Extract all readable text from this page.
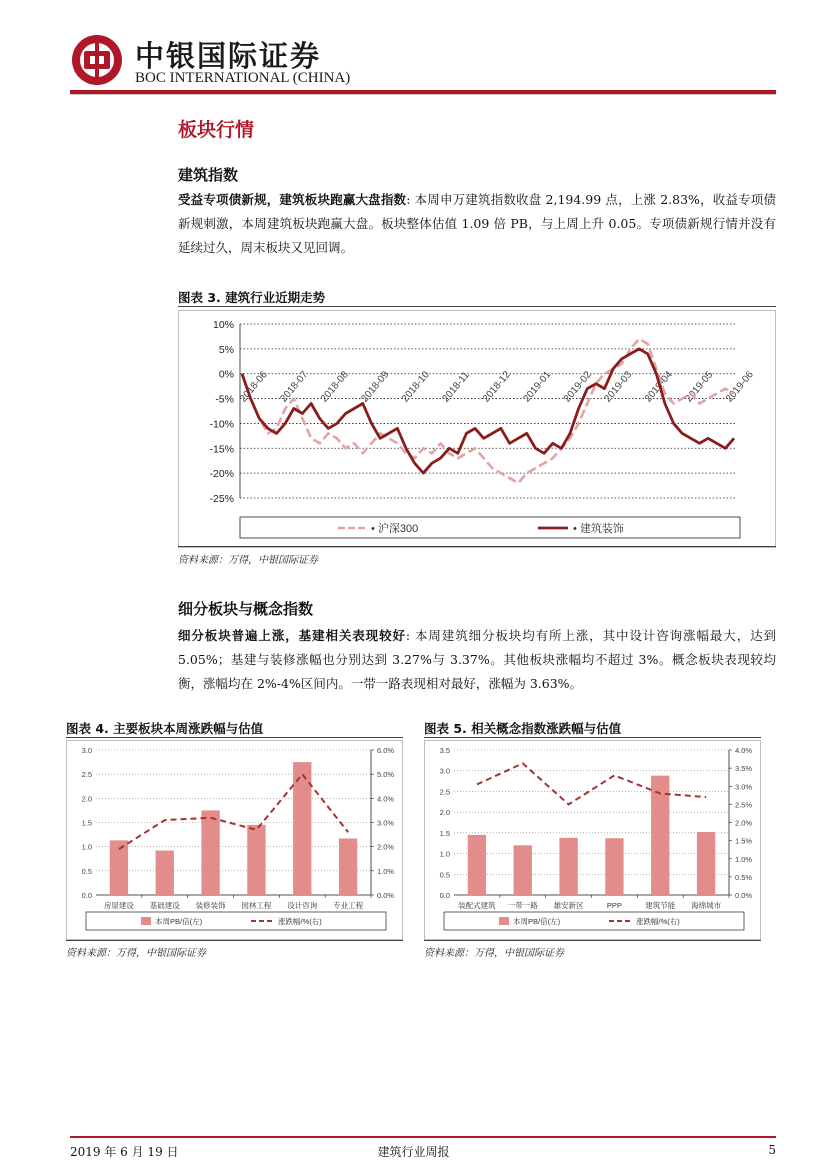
中银国际证券
BOC INTERNATIONAL (CHINA)
板块行情
建筑指数
受益专项债新规，建筑板块跑赢大盘指数: 本周申万建筑指数收盘 2,194.99 点，上涨 2.83%，收益专项债新规刺激，本周建筑板块跑赢大盘。板块整体估值 1.09 倍 PB，与上周上升 0.05。专项债新规行情并没有延续过久，周末板块又见回调。
图表 3. 建筑行业近期走势
10%
5%
0%
-5%
-10%
-15%
-20%
-25%
2018-06 2018-07 2018-08 2018-09 2018-10 2018-11 2018-12 2019-01 2019-02 2019-03 2019-04 2019-05 2019-06
• 沪深300	• 建筑装饰
资料来源：万得，中银国际证券
细分板块与概念指数
细分板块普遍上涨，基建相关表现较好: 本周建筑细分板块均有所上涨，其中设计咨询涨幅最大，达到 5.05%；基建与装修涨幅也分别达到 3.27%与 3.37%。其他板块涨幅均不超过 3%。概念板块表现较均衡，涨幅均在 2%-4%区间内。一带一路表现相对最好，涨幅为 3.63%。
图表 4. 主要板块本周涨跌幅与估值
0.0
0.5
1.0
1.5
2.0
2.5
3.0
0.0%
1.0%
2.0%
3.0%
4.0%
5.0%
6.0%
房屋建设 基础建设 装修装饰 园林工程 设计咨询 专业工程
本周PB/倍(左)	涨跌幅/%(右)
资料来源：万得，中银国际证券
图表 5. 相关概念指数涨跌幅与估值
0.0
0.5
1.0
1.5
2.0
2.5
3.0
3.5
0.0%
0.5%
1.0%
1.5%
2.0%
2.5%
3.0%
3.5%
4.0%
装配式建筑 一带一路 雄安新区	PPP	建筑节能 海绵城市
本周PB/倍(左)	涨跌幅/%(右)
资料来源：万得，中银国际证券
2019 年 6 月 19 日	建筑行业周报	5
